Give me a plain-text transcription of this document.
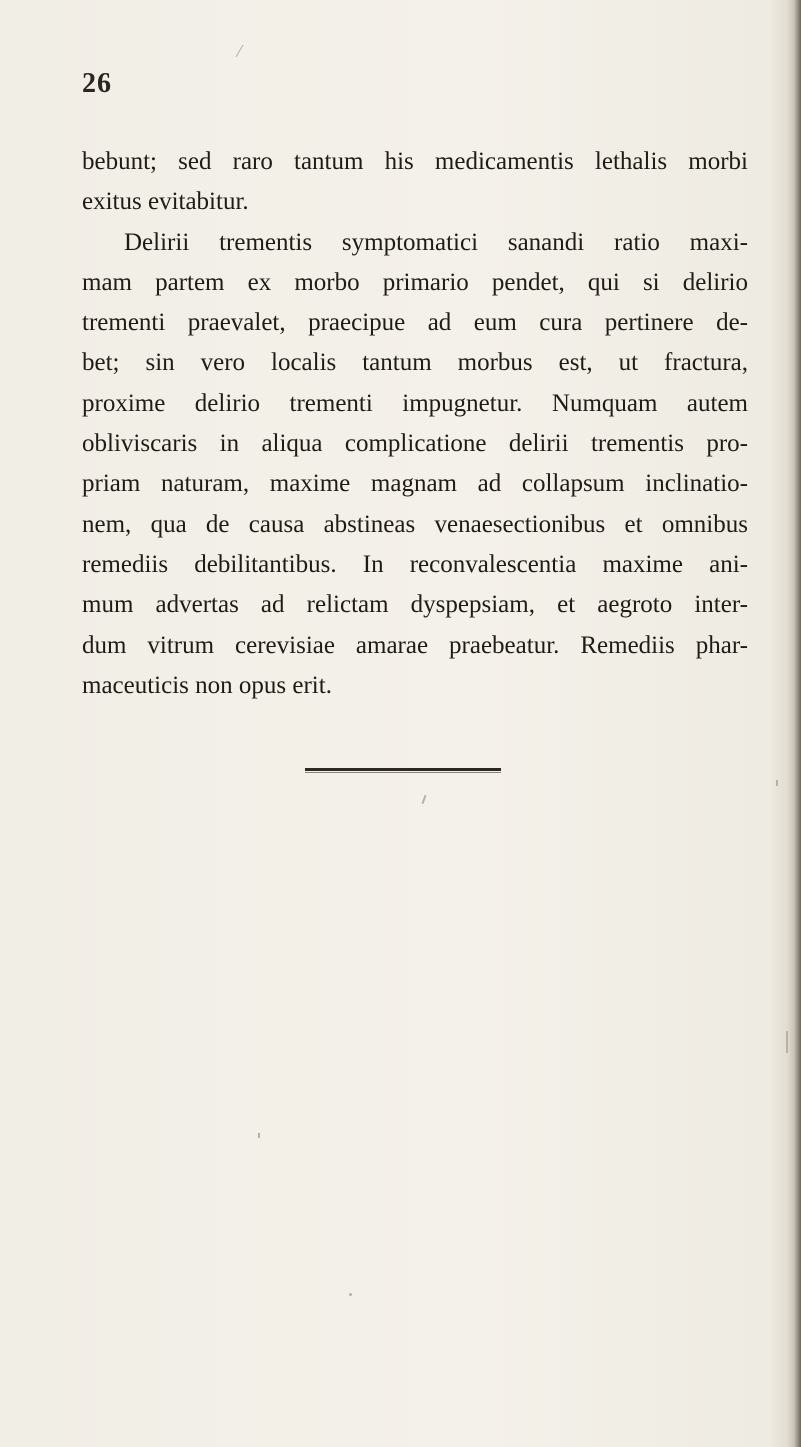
26
bebunt; sed raro tantum his medicamentis lethalis morbi
exitus evitabitur.
Delirii trementis symptomatici sanandi ratio maxi-
mam partem ex morbo primario pendet, qui si delirio
trementi praevalet, praecipue ad eum cura pertinere de-
bet; sin vero localis tantum morbus est, ut fractura,
proxime delirio trementi impugnetur. Numquam autem
obliviscaris in aliqua complicatione delirii trementis pro-
priam naturam, maxime magnam ad collapsum inclinatio-
nem, qua de causa abstineas venaesectionibus et omnibus
remediis debilitantibus. In reconvalescentia maxime ani-
mum advertas ad relictam dyspepsiam, et aegroto inter-
dum vitrum cerevisiae amarae praebeatur. Remediis phar-
maceuticis non opus erit.
